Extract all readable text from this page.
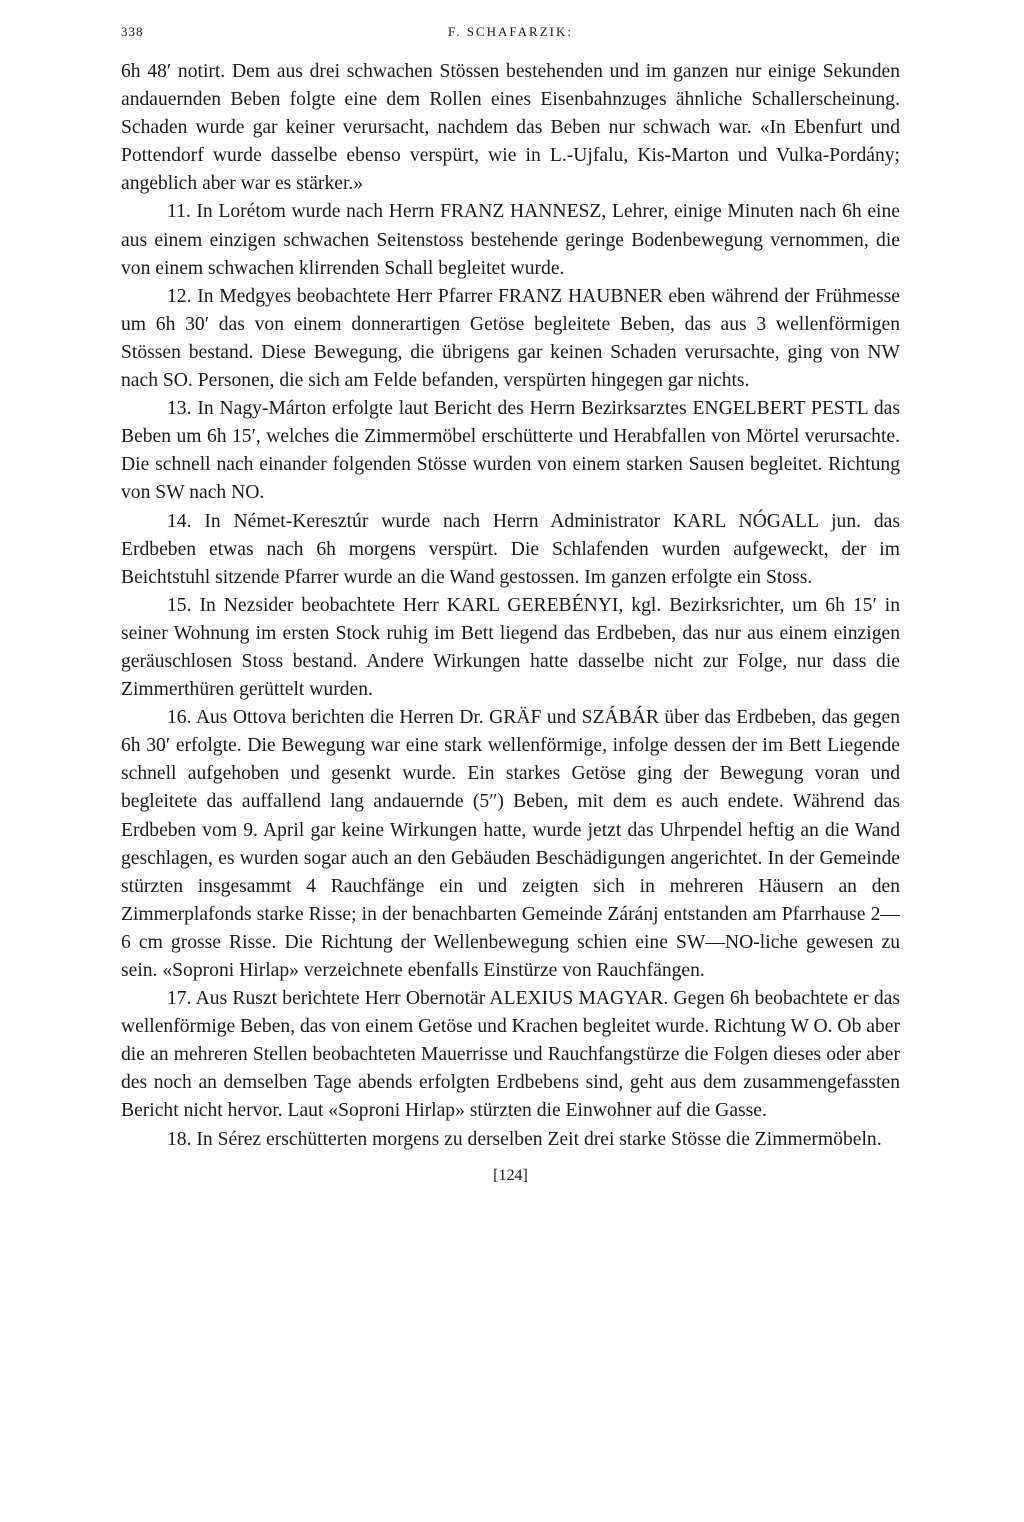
338	F. SCHAFARZIK:

6h 48′ notirt. Dem aus drei schwachen Stössen bestehenden und im ganzen nur einige Sekunden andauernden Beben folgte eine dem Rollen eines Eisenbahnzuges ähnliche Schallerscheinung. Schaden wurde gar keiner verursacht, nachdem das Beben nur schwach war. «In Ebenfurt und Pottendorf wurde dasselbe ebenso verspürt, wie in L.-Ujfalu, Kis-Marton und Vulka-Pordány; angeblich aber war es stärker.»

11. In Lorétom wurde nach Herrn FRANZ HANNESZ, Lehrer, einige Minuten nach 6h eine aus einem einzigen schwachen Seitenstoss bestehende geringe Bodenbewegung vernommen, die von einem schwachen klirrenden Schall begleitet wurde.

12. In Medgyes beobachtete Herr Pfarrer FRANZ HAUBNER eben während der Frühmesse um 6h 30′ das von einem donnerartigen Getöse begleitete Beben, das aus 3 wellenförmigen Stössen bestand. Diese Bewegung, die übrigens gar keinen Schaden verursachte, ging von NW nach SO. Personen, die sich am Felde befanden, verspürten hingegen gar nichts.

13. In Nagy-Márton erfolgte laut Bericht des Herrn Bezirksarztes ENGELBERT PESTL das Beben um 6h 15′, welches die Zimmermöbel erschütterte und Herabfallen von Mörtel verursachte. Die schnell nach einander folgenden Stösse wurden von einem starken Sausen begleitet. Richtung von SW nach NO.

14. In Német-Keresztúr wurde nach Herrn Administrator KARL NÓGALL jun. das Erdbeben etwas nach 6h morgens verspürt. Die Schlafenden wurden aufgeweckt, der im Beichtstuhl sitzende Pfarrer wurde an die Wand gestossen. Im ganzen erfolgte ein Stoss.

15. In Nezsider beobachtete Herr KARL GEREBÉNYI, kgl. Bezirksrichter, um 6h 15′ in seiner Wohnung im ersten Stock ruhig im Bett liegend das Erdbeben, das nur aus einem einzigen geräuschlosen Stoss bestand. Andere Wirkungen hatte dasselbe nicht zur Folge, nur dass die Zimmerthüren gerüttelt wurden.

16. Aus Ottova berichten die Herren Dr. GRÄF und SZÁBÁR über das Erdbeben, das gegen 6h 30′ erfolgte. Die Bewegung war eine stark wellenförmige, infolge dessen der im Bett Liegende schnell aufgehoben und gesenkt wurde. Ein starkes Getöse ging der Bewegung voran und begleitete das auffallend lang andauernde (5″) Beben, mit dem es auch endete. Während das Erdbeben vom 9. April gar keine Wirkungen hatte, wurde jetzt das Uhrpendel heftig an die Wand geschlagen, es wurden sogar auch an den Gebäuden Beschädigungen angerichtet. In der Gemeinde stürzten insgesammt 4 Rauchfänge ein und zeigten sich in mehreren Häusern an den Zimmerplafonds starke Risse; in der benachbarten Gemeinde Záránj entstanden am Pfarrhause 2—6 cm grosse Risse. Die Richtung der Wellenbewegung schien eine SW—NO-liche gewesen zu sein. «Soproni Hirlap» verzeichnete ebenfalls Einstürze von Rauchfängen.

17. Aus Ruszt berichtete Herr Obernotär ALEXIUS MAGYAR. Gegen 6h beobachtete er das wellenförmige Beben, das von einem Getöse und Krachen begleitet wurde. Richtung W O. Ob aber die an mehreren Stellen beobachteten Mauerrisse und Rauchfangstürze die Folgen dieses oder aber des noch an demselben Tage abends erfolgten Erdbebens sind, geht aus dem zusammengefassten Bericht nicht hervor. Laut «Soproni Hirlap» stürzten die Einwohner auf die Gasse.

18. In Sérez erschütterten morgens zu derselben Zeit drei starke Stösse die Zimmermöbeln.

[124]
